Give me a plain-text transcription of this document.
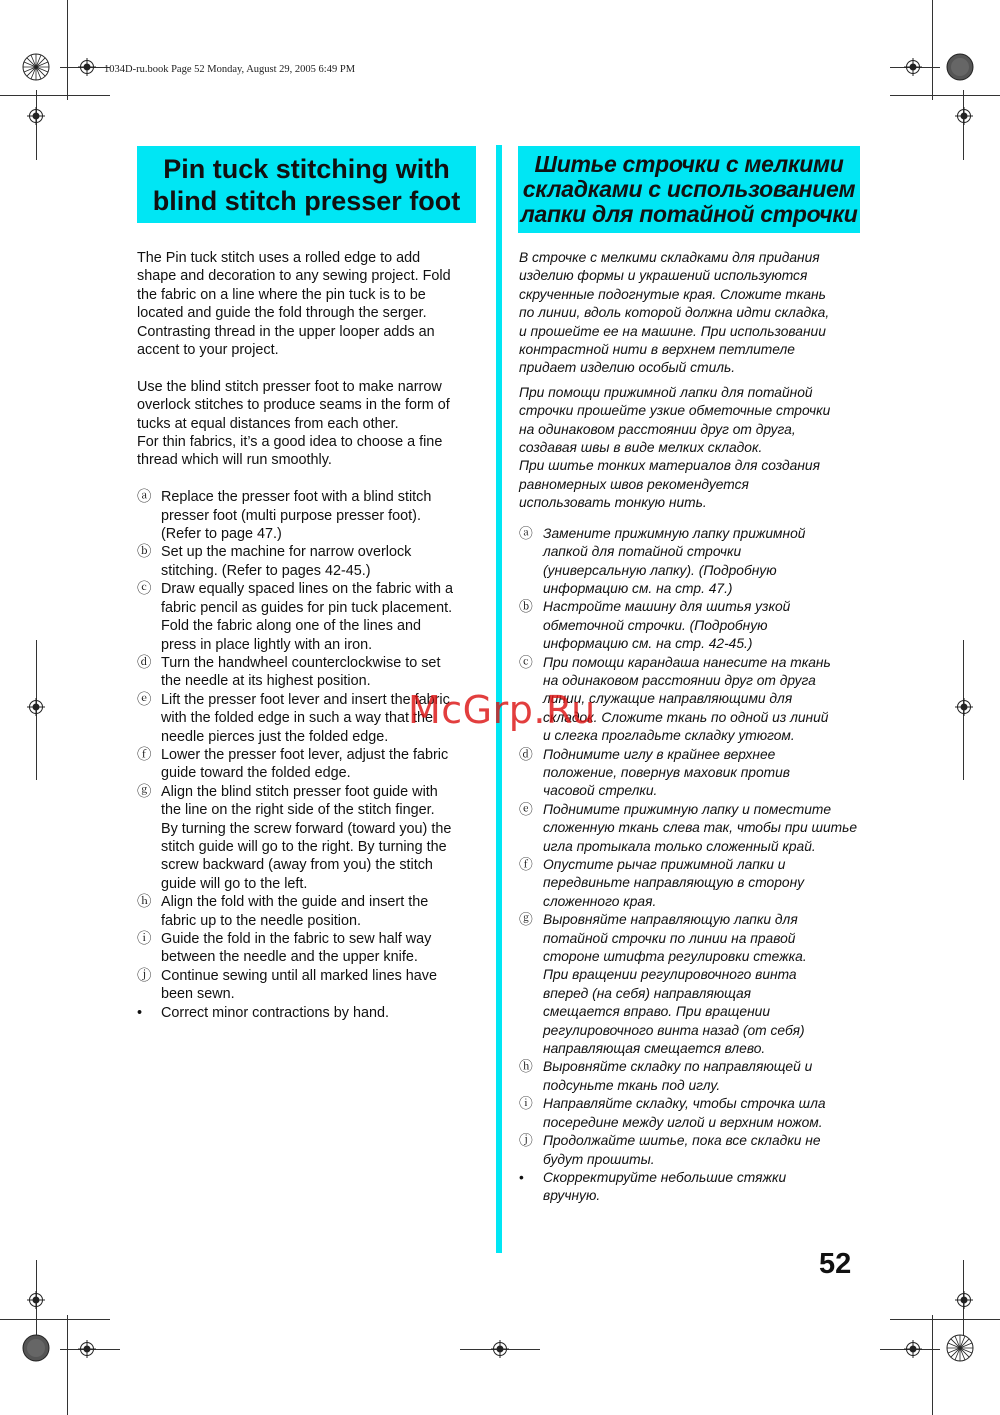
1034D-ru.book Page 52 Monday, August 29, 2005 6:49 PM
Pin tuck stitching with
blind stitch presser foot
Шитье строчки с мелкими
складками с использованием
лапки для потайной строчки

The Pin tuck stitch uses a rolled edge to add

shape and decoration to any sewing project. Fold

the fabric on a line where the pin tuck is to be

located and guide the fold through the serger.

Contrasting thread in the upper looper adds an

accent to your project.

Use the blind stitch presser foot to make narrow

overlock stitches to produce seams in the form of

tucks at equal distances from each other.

For thin fabrics, it’s a good idea to choose a fine

thread which will run smoothly.

ⓐ Replace the presser foot with a blind stitch

presser foot (multi purpose presser foot).

(Refer to page 47.)

ⓑ Set up the machine for narrow overlock

stitching. (Refer to pages 42-45.)

ⓒ Draw equally spaced lines on the fabric with a

fabric pencil as guides for pin tuck placement.

Fold the fabric along one of the lines and

press in place lightly with an iron.

ⓓ Turn the handwheel counterclockwise to set

the needle at its highest position.

ⓔ Lift the presser foot lever and insert the fabric

with the folded edge in such a way that the

needle pierces just the folded edge.

ⓕ Lower the presser foot lever, adjust the fabric

guide toward the folded edge.

ⓖ Align the blind stitch presser foot guide with

the line on the right side of the stitch finger.

By turning the screw forward (toward you) the

stitch guide will go to the right. By turning the

screw backward (away from you) the stitch

guide will go to the left.

ⓗ Align the fold with the guide and insert the

fabric up to the needle position.

ⓘ Guide the fold in the fabric to sew half way

between the needle and the upper knife.

ⓙ Continue sewing until all marked lines have

been sewn.

• Correct minor contractions by hand.

В строчке с мелкими складками для придания

изделию формы и украшений используются

скрученные подогнутые края. Сложите ткань

по линии, вдоль которой должна идти складка,

и прошейте ее на машине. При использовании

контрастной нити в верхнем петлителе

придает изделию особый стиль.

При помощи прижимной лапки для потайной

строчки прошейте узкие обметочные строчки

на одинаковом расстоянии друг от друга,

создавая швы в виде мелких складок.

При шитье тонких материалов для создания

равномерных швов рекомендуется

использовать тонкую нить.

ⓐ Замените прижимную лапку прижимной

лапкой для потайной строчки

(универсальную лапку). (Подробную

информацию см. на стр. 47.)

ⓑ Настройте машину для шитья узкой

обметочной строчки. (Подробную

информацию см. на стр. 42-45.)

ⓒ При помощи карандаша нанесите на ткань

на одинаковом расстоянии друг от друга

линии, служащие направляющими для

складок. Сложите ткань по одной из линий

и слегка прогладьте складку утюгом.

ⓓ Поднимите иглу в крайнее верхнее

положение, повернув маховик против

часовой стрелки.

ⓔ Поднимите прижимную лапку и поместите

сложенную ткань слева так, чтобы при шитье

игла протыкала только сложенный край.

ⓕ Опустите рычаг прижимной лапки и

передвиньте направляющую в сторону

сложенного края.

ⓖ Выровняйте направляющую лапки для

потайной строчки по линии на правой

стороне штифта регулировки стежка.

При вращении регулировочного винта

вперед (на себя) направляющая

смещается вправо. При вращении

регулировочного винта назад (от себя)

направляющая смещается влево.

ⓗ Выровняйте складку по направляющей и

подсуньте ткань под иглу.

ⓘ Направляйте складку, чтобы строчка шла

посередине между иглой и верхним ножом.

ⓙ Продолжайте шитье, пока все складки не

будут прошиты.

• Скорректируйте небольшие стяжки

вручную.

McGrp.Ru
52
